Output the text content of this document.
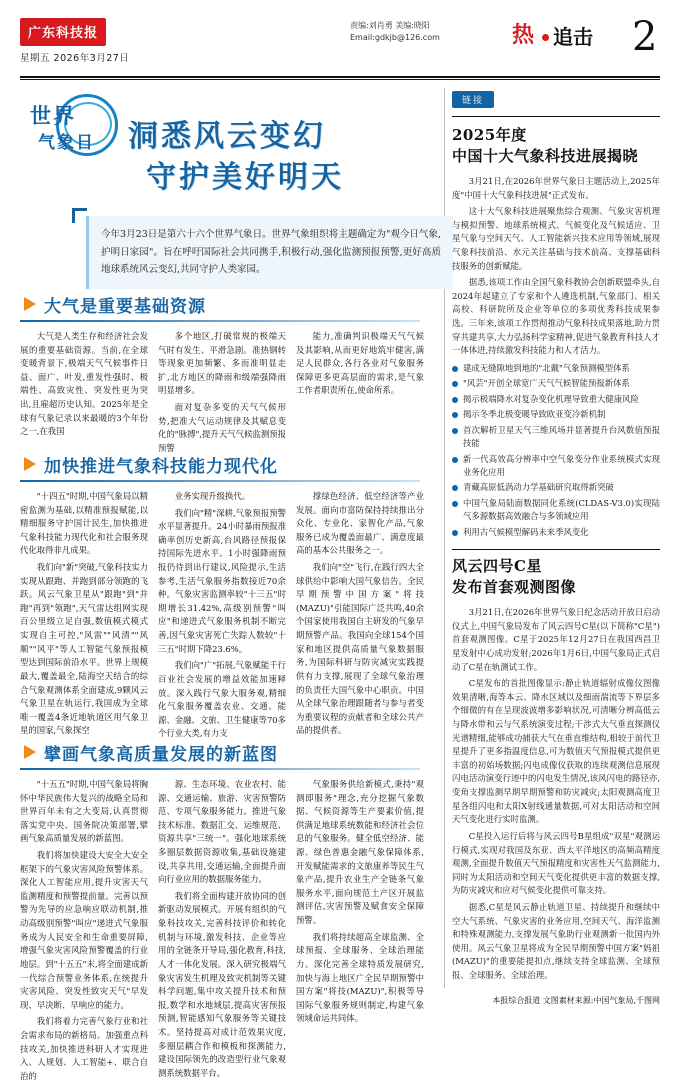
广东科技报
星期五 2026年3月27日
责编:刘肖勇 美编:晓阳
Email:gdkjb@126.com	热 追击 2
世界
气象日 洞悉风云变幻
守护美好明天
今年3月23日是第六十六个世界气象日。世界气象组织将主题确定为"观今日气象,护明日家园"。旨在呼吁国际社会共同携手,积极行动,强化监测预报预警,更好高质地球系统风云变幻,共同守护人类家园。
大气是重要基础资源

大气是人类生存和经济社会发展的重要基础资源。当前,在全球变暖背景下,极端天气气候事件日益、面广、叶发,重发性强时、极端性、高致灾性、突发性更为突出,且雇超历史认知。2025年是全球有气象记录以来最暖的3个年份之一,在我国

多个地区,打破常规的极端天气时有发生、平滑急剧。准热钢转等现象更加频繁、多而准明显走扩,北方地区的降雨和级端强降雨明显增多。

面对复杂多变的天气气候形势,把准大气运动规律及其赋息变化的"脉搏",提升天气气候监测预报预警

能力,准确判识极端天气气候及其影响,从而更好地筑牢健害,满足人民群众,各行各业对气象服务保障更多更高层面的需求,是气象工作者职责所在,使命所系。

加快推进气象科技能力现代化

"十四五"时期,中国气象局以精密监测为基础,以精准预报赋能,以精细服务守护国计民生,加快推进气象科技能力现代化和社会服务现代化取得非凡成果。

我们向"新"突破,气象科技实力实现从跟跑、并跑到部分领跑的飞跃。风云气象卫星从"跟跑"到"并跑"再到"领跑",天气雷达组网实现百公里级立足自强,数值模式模式实现自主可控,"风雷""风清""风顺""风平"等人工智能气象预报模型达到国际前沿水平。世界上规模最大,覆盖最全,陆海空天结合的综合气象观测体系全面建成,9颗风云气象卫星在轨运行,我国成为全球唯一覆盖4条近地轨道区用气象卫星的国家,气象探空

业务实现升级换代。

我们向"精"深耕,气象预报预警水平显著提升。24小时暴雨预报准确率创历史新高,台风路径预报保持国际先进水平。1小时强降雨预报仍待到出行建议,风险提示,生活参考,生活气象服务指数接近70余种。气象灾害监测率较"十三五"时期增长31.42%,高级别预警"叫应"和递进式气象服务机制不断完善,因气象灾害死亡失踪人数较"十三五"时期下降23.6%。

我们向"广"拓展,气象赋能千行百业社会发展的增益效能加速释放。深入践行气象大服务观,精细化气象服务覆盖农业、交通、能源、金融、文旅、卫生健康等70多个行业大类,有力支

撑绿色经济、低空经济等产业发展。面向市富防保持持续推出分众化、专业化、家智化产品,气象服务已成为覆盖面最广、满意度最高的基本公共服务之一。

我们向"空"飞行,在践行四大全球供给中影响大国气象信告。全民早期预警中国方案"将技(MAZU)"引能国际广泛共鸣,40余个国家使用我国自主研发的气象早期预警产品。我国向全球154个国家和地区提供高质量气象数据服务,为国际科研与防灾减灾实践提供有力支撑,展现了全球气象治理的负责任大国气象中心职贡。中国从全球气象治理跟随者与参与者变为重要议程的贡献者和全球公共产品的提供者。

擘画气象高质量发展的新蓝图

"十五五"时期,中国气象局将胸怀中华民族伟大复兴的战略全局和世界百年未有之大变局,认真贯彻落实党中央、国务院决策部署,擘画气象高质量发展的新蓝图。

我们将加快建设大安全大安全框架下的气象灾害风险预警体系。深化人工智能应用,提升灾害天气监测精度和预警提前量。完善以预警为先导的应急响应联动机制,推动高级别预警"叫应"递进式气象服务成为人民安全和生命重要屏障,增强气象灾害风险预警覆盖的行业地层。到"十五五"末,将全面建成新一代综合预警业务体系,在统提升灾害风险、突发性致灾天气"早发现、早决断、早响应的能力。

我们将着力完善气象行业和社会需求布局的新格局。加强重点科技攻关,加快推进科研人才实现进入、人规划、人工智能+、联合自治的

源、生态环境、农业农村、能源、交通运输、旅游、灾害预警防范、专项气象服务能力。推进气象技术标准、数据汇交、运维规范、资源共享"三统一"。强化地球系统多圈层数据资源收集,基础设施建设,共享共用,交通运输,全面提升面向行业应用的数据服务能力。

我们将全面构建开放协同的创新驱动发展模式。开展有组织的气象科技攻关,完善科技评价和转化机制与环境,激发科技、企业等应用的全链条开导局,强化教育,科技,人才一体化发展。深入研究极端气象灾害发生机理及致灾机制等关键科学问题,集中攻关提升技术和预报,数学和水地域层,提高灾害预报预测,智能感知气象服务等关键技术。坚持提高对成计范效果灾度,多圈层耦合作和模板和探测能力,建设国际领先的改造型行业气象观测系统数据平台。

气象服务供给新模式,秉持"观测即服务"理念,充分挖掘气象数据、气候资源等生产要素价值,提供满足地球系统数能和经济社会位息的气象服务。健全低空经济、能源、绿色普惠金融气象保障体系,开发赋能需求的文旅康养等民生气象产品,提升农业生产全链条气象服务水平,面向规范土产区开展监测评估,灾害预警及赋食安全保障预警。

我们将持续超高全球监测、全球预报、全球服务、全球治理能力。深化完善全球特质发展研究,加快与海上地区广全民早期预警中国方案"将技(MAZU)",积极等导国际气象服务规则制定,构建气象领域命运共同体。

链接
2025年度
中国十大气象科技进展揭晓

3月21日,在2026年世界气象日主题活动上,2025年度"中国十大气象科技进展"正式发布。

这十大气象科技进展聚焦综合观测、气象灾害机理与模拟预警、地球系统模式、气候变化及气候适应、卫星气象与空间天气、人工智能新兴技术应用等领域,展现气象科技前沿、水元关注基础与技术前高、支撑基础科技服务的创新赋能。

据悉,该项工作由全国气象科教协会创新联盟牵头,自2024年起建立了专家和个人遴选机制,气象部门、相关高校、科研院所及企业等单位的多项优秀科技成果参选。三年来,该项工作贯彻推动气象科技成果落地,助力贯穿共建共享,大力弘扬科学家精神,促进气象教育科技人才一体体进,持续激发科技能力和人才活力。

建成无缝隙地到地的"北戴"气象预测模型体系
"风芸"开创全球宽广天气气候智能预报新体系
揭示极端降水对复杂变化机理导致重大健康风险
揭示冬季北极变暖导致欧亚变冷新机制
首次解析卫星天气三维风场并显著提升台风数值预报技能
新一代高效高分辨率中空气象变分作业系统模式实现业务化应用
青藏高原低涡动力学基础研究取得新突破
中国气象局陆面数据同化系统(CLDAS-V3.0)实现陆气多源数据高效融合与多领域应用
利用古气候模型解码未来季风变化
风云四号C星
发布首套观测图像

3月21日,在2026年世界气象日纪念活动开放日启动仪式上,中国气象局发布了风云四号C星(以下简称"C星")首套观测图像。C星于2025年12月27日在我国西昌卫星发射中心成功发射;2026年1月6日,中国气象局正式启动了C星在轨测试工作。

C星发布的首批图像显示:静止轨道辐射成像仪图像效果清晰,海等本云、降水区域以及细雨湍流等下界层多个细微的有在呈现波波增多影响状况,可清晰分辨高低云与降水带和云与气系统演变过程;干涉式大气垂直探测仪光谱精细,能够成功捕获大气在垂直维结构,相较于前代卫星提升了更多指温度信息,可为数值天气预报模式提供更丰富的初始场数据;闪电成像仪获取的连续观测信息展现闪电活动演变行迹中的闪电发生情况,该风闪电的路径亦,变角支撑监测早期早期预警和防灾减灾;太阳观测高度卫星各组闪电和太阳X射线通量数据,可对太阳活动和空间天气变化进行实时监测。

C星投入运行后将与风云四号B星组成"双星"观测运行模式,实现对我国及东亚、西太平洋地区的高频高精度观测,全面提升数值天气预报精度和灾害性天气监测能力,同时为太阳活动和空间天气变化提供更丰富的数据支撑,为防灾减灾和应对气候变化提供可靠支持。

据悉,C星是风云静止轨道卫星、持续提升和继续中空大气系统、气象灾害的业务应用,空间天气、海洋监测和特殊观测能力,支撑发展气象助行业观测新一批国内外使用。风云气象卫星将成为全民早期预警中国方案"妈祖(MAZU)"的重要能提扣点,继续支持全球监测、全球预报、全球服务、全球治理。

本报综合报道 文图素材来源:中国气象局,千图网
